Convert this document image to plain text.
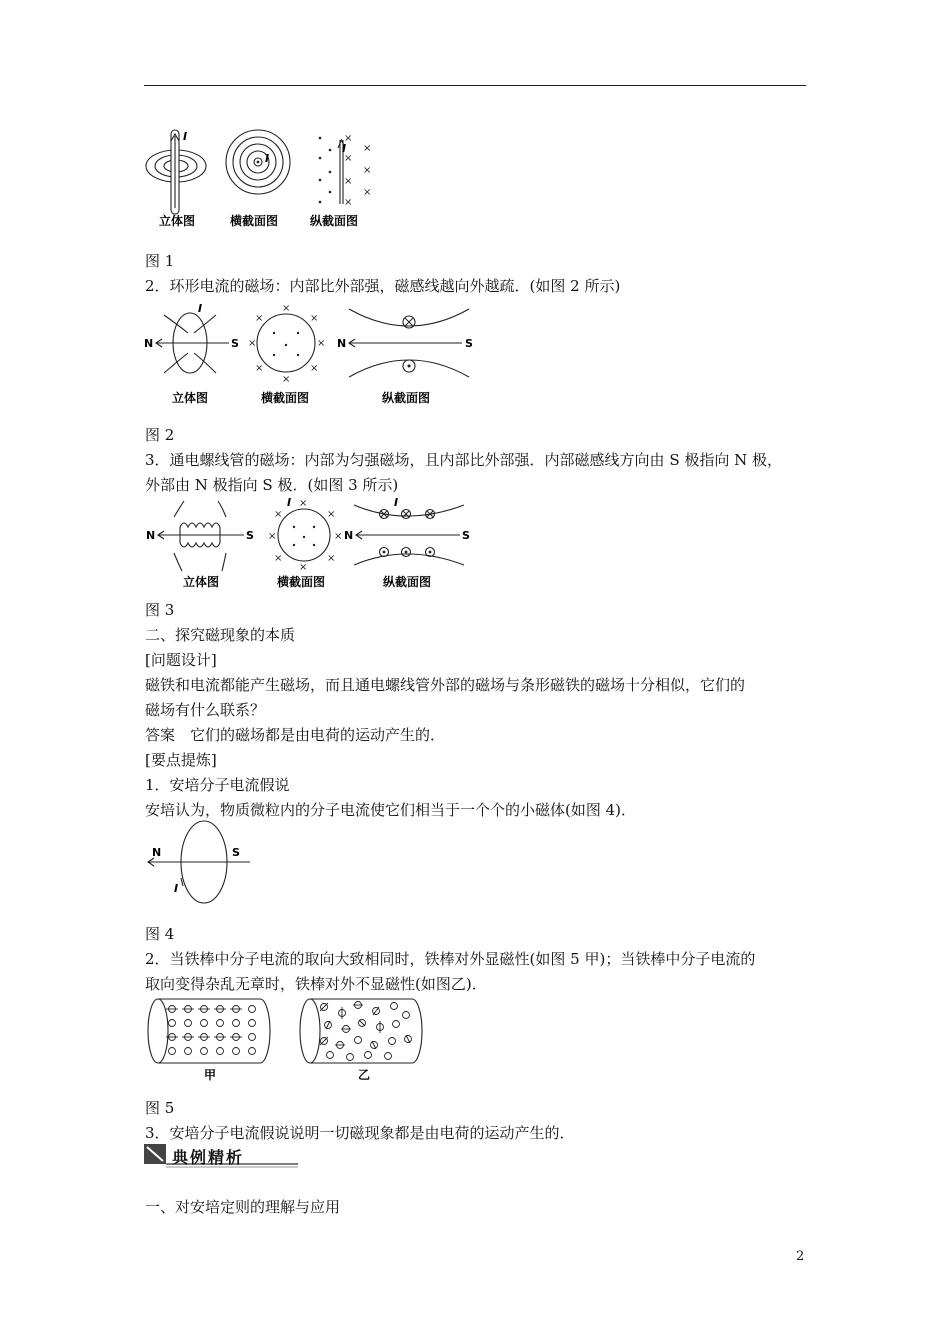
×
×
×
×
×
×
×
I
I
I
立体图	横截面图	纵截面图
图 1
2．环形电流的磁场：内部比外部强，磁感线越向外越疏．(如图 2 所示)
×	×
×	×
×	×
×
×
N	S	N	S
I
立体图	横截面图	纵截面图
图 2
3．通电螺线管的磁场：内部为匀强磁场，且内部比外部强．内部磁感线方向由 S 极指向 N 极，
外部由 N 极指向 S 极．(如图 3 所示)
×	×
×	×
×	×
×
×
N	S	N	S
I	I
立体图	横截面图	纵截面图
图 3
二、探究磁现象的本质
[问题设计]
磁铁和电流都能产生磁场，而且通电螺线管外部的磁场与条形磁铁的磁场十分相似，它们的
磁场有什么联系？
答案　它们的磁场都是由电荷的运动产生的．
[要点提炼]
1．安培分子电流假说
安培认为，物质微粒内的分子电流使它们相当于一个个的小磁体(如图 4)．
N	S
I
图 4
2．当铁棒中分子电流的取向大致相同时，铁棒对外显磁性(如图 5 甲)；当铁棒中分子电流的
取向变得杂乱无章时，铁棒对外不显磁性(如图乙)．
甲	乙
图 5
3．安培分子电流假说说明一切磁现象都是由电荷的运动产生的．
典例精析
一、对安培定则的理解与应用
2
